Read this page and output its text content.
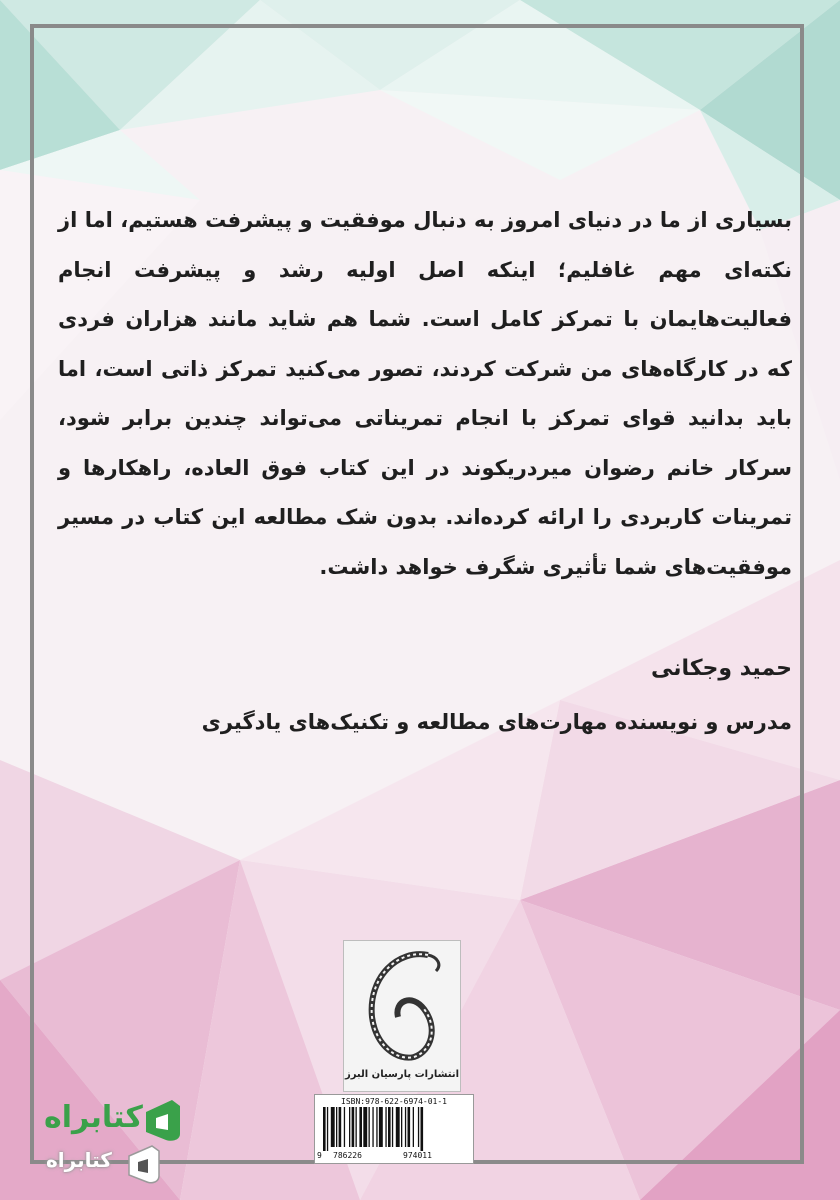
بسیاری از ما در دنیای امروز به دنبال موفقیت و پیشرفت هستیم، اما از نکته‌ای مهم غافلیم؛ اینکه اصل اولیه رشد و پیشرفت انجام فعالیت‌هایمان با تمرکز کامل است. شما هم شاید مانند هزاران فردی که در کارگاه‌های من شرکت کردند، تصور می‌کنید تمرکز ذاتی است، اما باید بدانید قوای تمرکز با انجام تمریناتی می‌تواند چندین برابر شود، سرکار خانم رضوان میردریکوند در این کتاب فوق العاده، راهکارها و تمرینات کاربردی را ارائه کرده‌اند. بدون شک مطالعه این کتاب در مسیر موفقیت‌های شما تأثیری شگرف خواهد داشت.

حمید وجکانی
مدرس و نویسنده مهارت‌های مطالعه و تکنیک‌های یادگیری
انتشارات پارسیان البرز
ISBN:978-622-6974-01-1
9 786226	974011
کتابراه
کتابراه
